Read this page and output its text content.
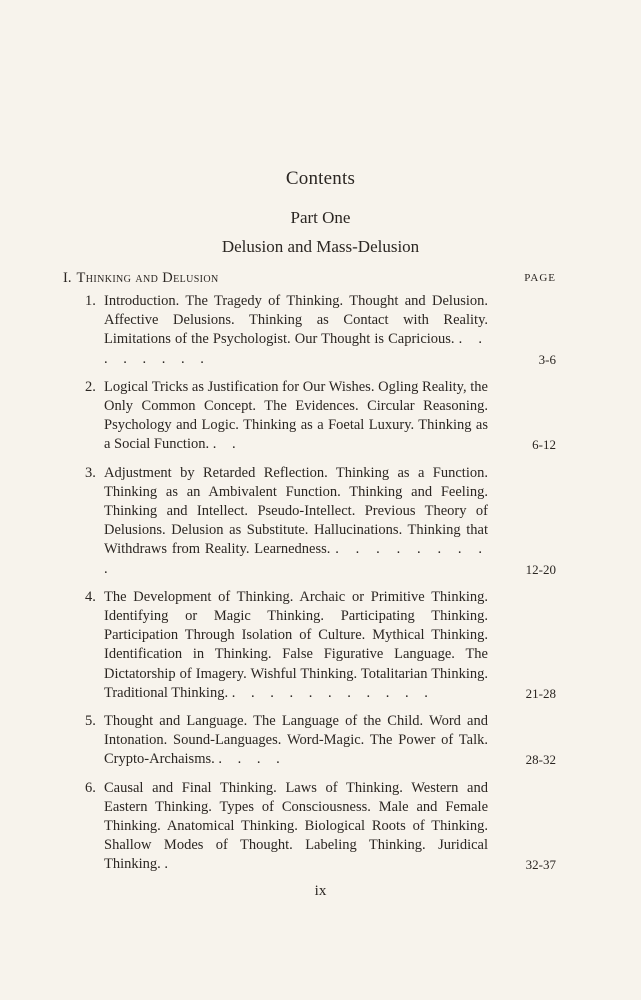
Contents
Part One
Delusion and Mass-Delusion
I. Thinking and Delusion	PAGE
1. Introduction. The Tragedy of Thinking. Thought and Delusion. Affective Delusions. Thinking as Contact with Reality. Limitations of the Psychologist. Our Thought is Capricious. . . . . . . . .	3-6
2. Logical Tricks as Justification for Our Wishes. Ogling Reality, the Only Common Concept. The Evidences. Circular Reasoning. Psychology and Logic. Thinking as a Foetal Luxury. Thinking as a Social Function. . .	6-12
3. Adjustment by Retarded Reflection. Thinking as a Function. Thinking as an Ambivalent Function. Thinking and Feeling. Thinking and Intellect. Pseudo-Intellect. Previous Theory of Delusions. Delusion as Substitute. Hallucinations. Thinking that Withdraws from Reality. Learnedness. . . . . . . . . .	12-20
4. The Development of Thinking. Archaic or Primitive Thinking. Identifying or Magic Thinking. Participating Thinking. Participation Through Isolation of Culture. Mythical Thinking. Identification in Thinking. False Figurative Language. The Dictatorship of Imagery. Wishful Thinking. Totalitarian Thinking. Traditional Thinking. . . . . . . . . . . .	21-28
5. Thought and Language. The Language of the Child. Word and Intonation. Sound-Languages. Word-Magic. The Power of Talk. Crypto-Archaisms. . . . .	28-32
6. Causal and Final Thinking. Laws of Thinking. Western and Eastern Thinking. Types of Consciousness. Male and Female Thinking. Anatomical Thinking. Biological Roots of Thinking. Shallow Modes of Thought. Labeling Thinking. Juridical Thinking. .	32-37
ix
